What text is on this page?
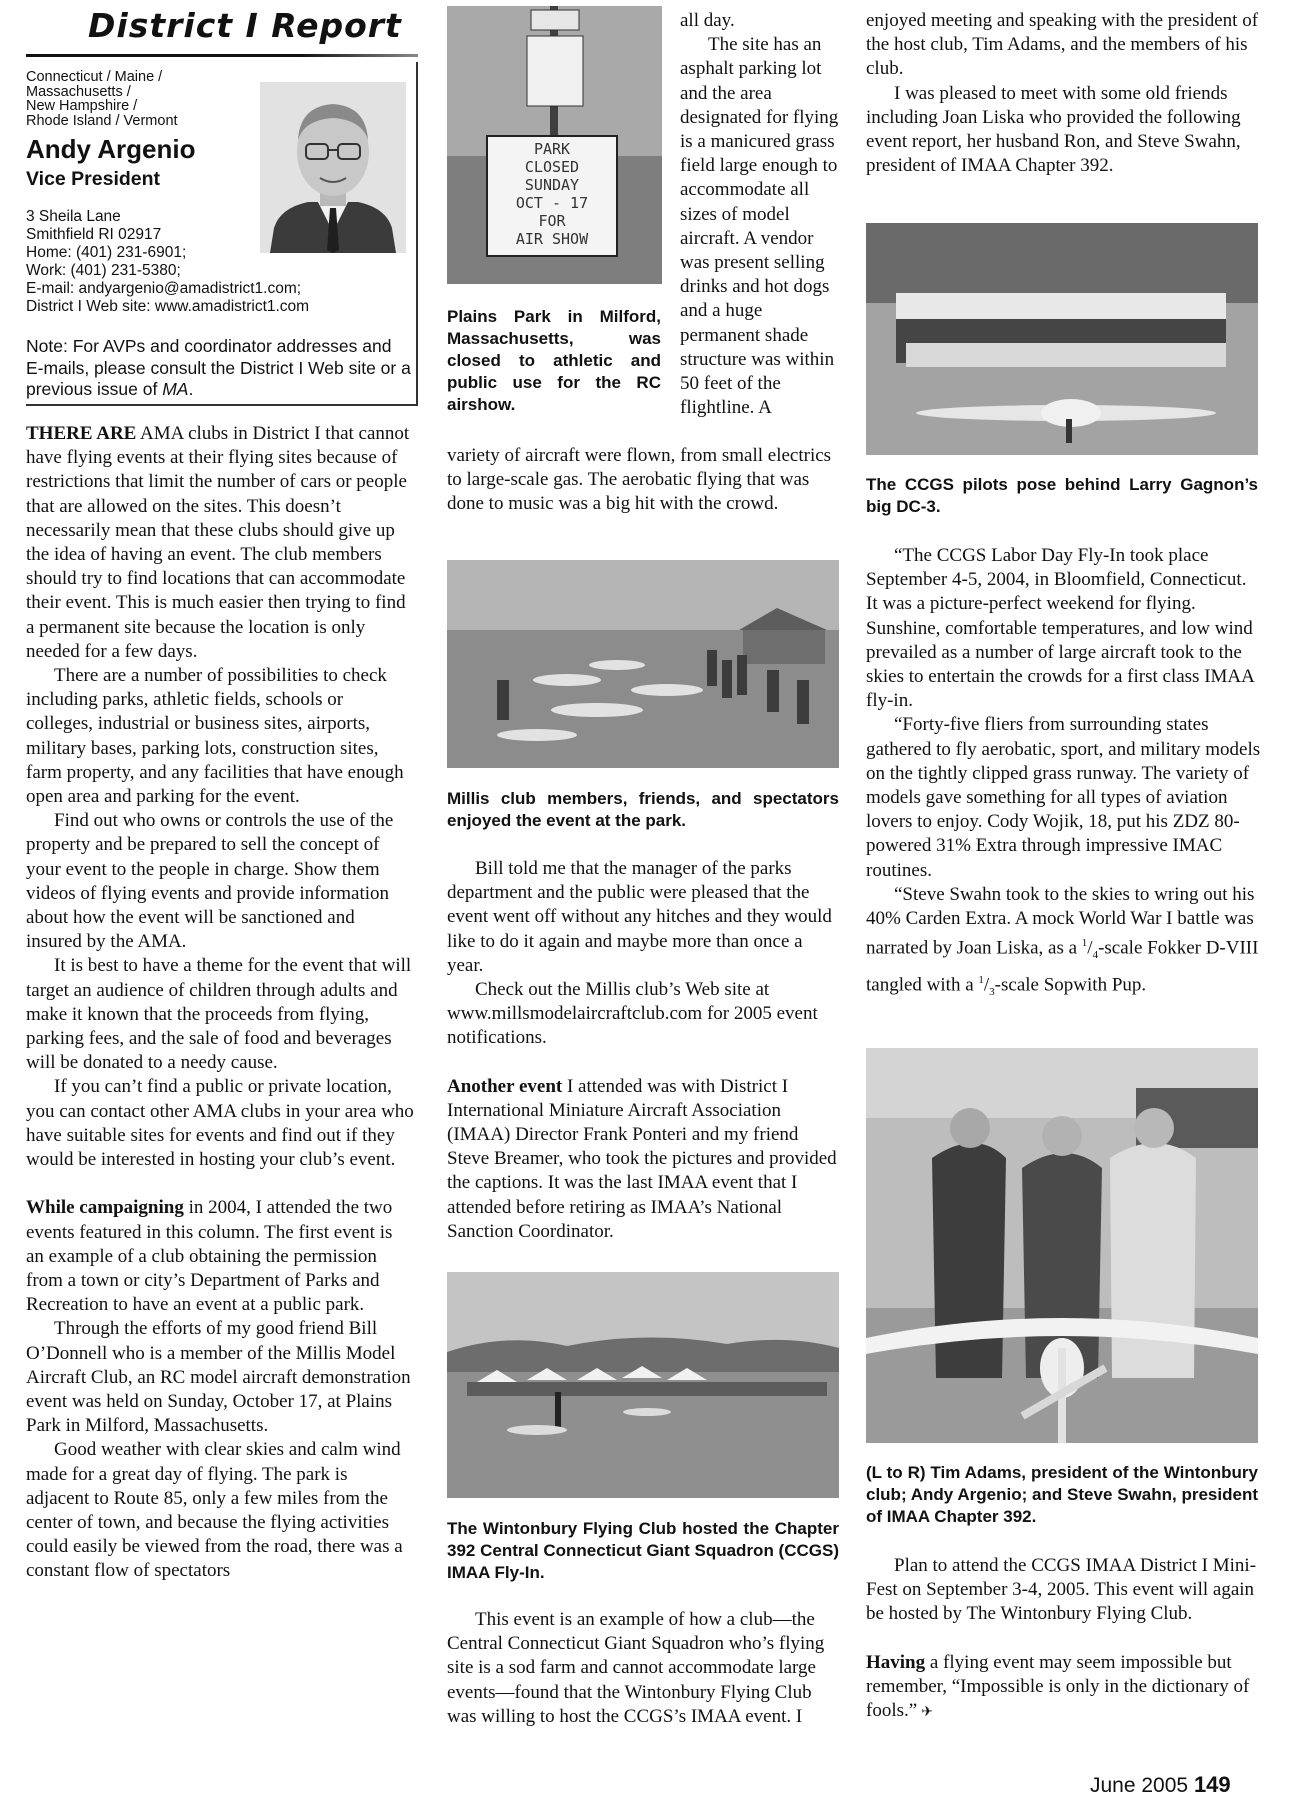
District I Report
Connecticut / Maine /
Massachusetts /
New Hampshire /
Rhode Island / Vermont
Andy Argenio
Vice President
3 Sheila Lane
Smithfield RI 02917
Home: (401) 231-6901;
Work: (401) 231-5380;
E-mail: andyargenio@amadistrict1.com;
District I Web site: www.amadistrict1.com
Note: For AVPs and coordinator addresses and E-mails, please consult the District I Web site or a previous issue of MA.

THERE ARE AMA clubs in District I that cannot have flying events at their flying sites because of restrictions that limit the number of cars or people that are allowed on the sites. This doesn’t necessarily mean that these clubs should give up the idea of having an event. The club members should try to find locations that can accommodate their event. This is much easier then trying to find a permanent site because the location is only needed for a few days.

There are a number of possibilities to check including parks, athletic fields, schools or colleges, industrial or business sites, airports, military bases, parking lots, construction sites, farm property, and any facilities that have enough open area and parking for the event.

Find out who owns or controls the use of the property and be prepared to sell the concept of your event to the people in charge. Show them videos of flying events and provide information about how the event will be sanctioned and insured by the AMA.

It is best to have a theme for the event that will target an audience of children through adults and make it known that the proceeds from flying, parking fees, and the sale of food and beverages will be donated to a needy cause.

If you can’t find a public or private location, you can contact other AMA clubs in your area who have suitable sites for events and find out if they would be interested in hosting your club’s event.

While campaigning in 2004, I attended the two events featured in this column. The first event is an example of a club obtaining the permission from a town or city’s Department of Parks and Recreation to have an event at a public park.

Through the efforts of my good friend Bill O’Donnell who is a member of the Millis Model Aircraft Club, an RC model aircraft demonstration event was held on Sunday, October 17, at Plains Park in Milford, Massachusetts.

Good weather with clear skies and calm wind made for a great day of flying. The park is adjacent to Route 85, only a few miles from the center of town, and because the flying activities could easily be viewed from the road, there was a constant flow of spectators

PARK
CLOSED
SUNDAY
OCT - 17
FOR
AIR SHOW
Plains Park in Milford, Massachusetts, was closed to athletic and public use for the RC airshow.

all day.

The site has an asphalt parking lot and the area designated for flying is a manicured grass field large enough to accommodate all sizes of model aircraft. A vendor was present selling drinks and hot dogs and a huge permanent shade structure was within 50 feet of the flightline. A

variety of aircraft were flown, from small electrics to large-scale gas. The aerobatic flying that was done to music was a big hit with the crowd.
Millis club members, friends, and spectators enjoyed the event at the park.

Bill told me that the manager of the parks department and the public were pleased that the event went off without any hitches and they would like to do it again and maybe more than once a year.

Check out the Millis club’s Web site at www.millsmodelaircraftclub.com for 2005 event notifications.

Another event I attended was with District I International Miniature Aircraft Association (IMAA) Director Frank Ponteri and my friend Steve Breamer, who took the pictures and provided the captions. It was the last IMAA event that I attended before retiring as IMAA’s National Sanction Coordinator.

The Wintonbury Flying Club hosted the Chapter 392 Central Connecticut Giant Squadron (CCGS) IMAA Fly-In.

This event is an example of how a club—the Central Connecticut Giant Squadron who’s flying site is a sod farm and cannot accommodate large events—found that the Wintonbury Flying Club was willing to host the CCGS’s IMAA event. I

enjoyed meeting and speaking with the president of the host club, Tim Adams, and the members of his club.

I was pleased to meet with some old friends including Joan Liska who provided the following event report, her husband Ron, and Steve Swahn, president of IMAA Chapter 392.

The CCGS pilots pose behind Larry Gagnon’s big DC-3.

“The CCGS Labor Day Fly-In took place September 4-5, 2004, in Bloomfield, Connecticut. It was a picture-perfect weekend for flying. Sunshine, comfortable temperatures, and low wind prevailed as a number of large aircraft took to the skies to entertain the crowds for a first class IMAA fly-in.

“Forty-five fliers from surrounding states gathered to fly aerobatic, sport, and military models on the tightly clipped grass runway. The variety of models gave something for all types of aviation lovers to enjoy. Cody Wojik, 18, put his ZDZ 80-powered 31% Extra through impressive IMAC routines.

“Steve Swahn took to the skies to wring out his 40% Carden Extra. A mock World War I battle was narrated by Joan Liska, as a $^1/_4$-scale Fokker D-VIII tangled with a $^1/_3$-scale Sopwith Pup.

(L to R) Tim Adams, president of the Wintonbury club; Andy Argenio; and Steve Swahn, president of IMAA Chapter 392.

Plan to attend the CCGS IMAA District I Mini-Fest on September 3-4, 2005. This event will again be hosted by The Wintonbury Flying Club.

Having a flying event may seem impossible but remember, “Impossible is only in the dictionary of fools.” ✈

June 2005 149
